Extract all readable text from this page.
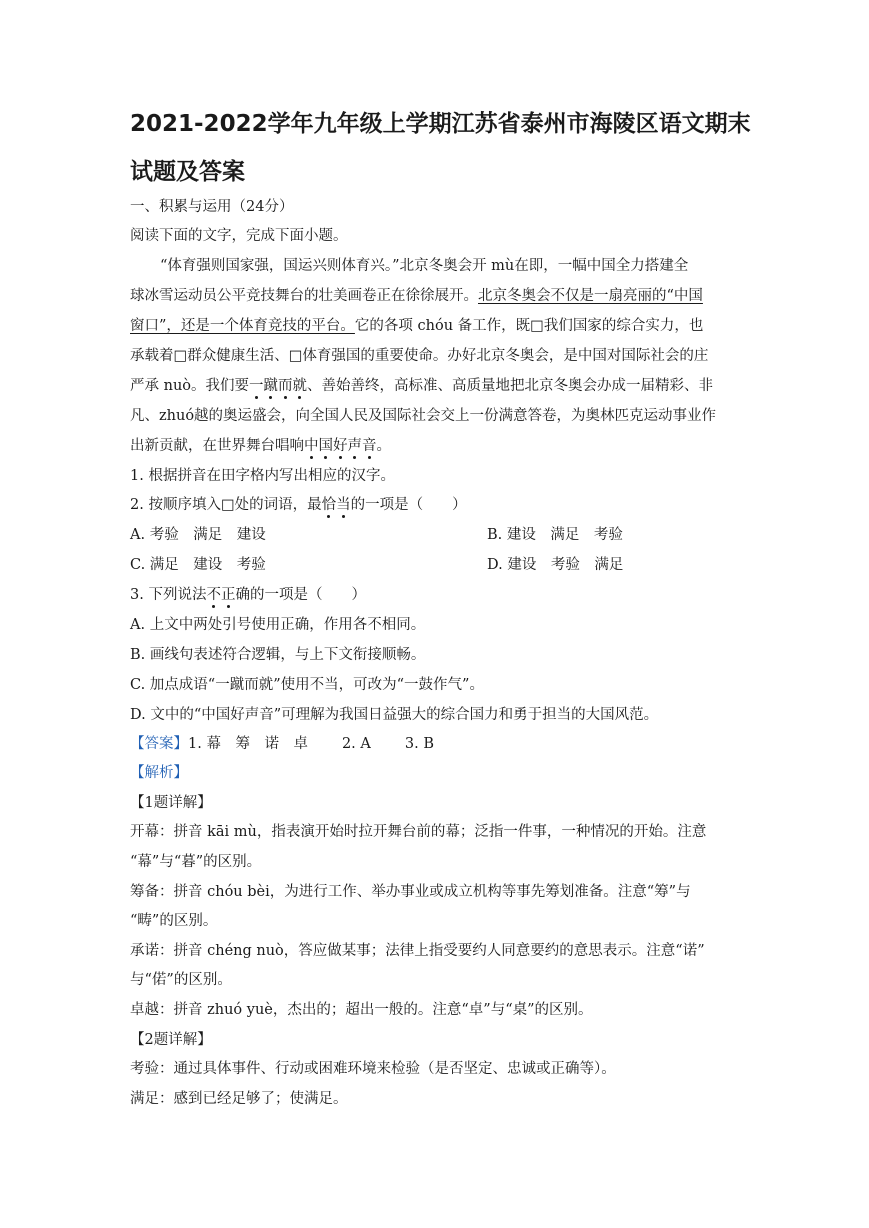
2021-2022学年九年级上学期江苏省泰州市海陵区语文期末
试题及答案
一、积累与运用（24分）
阅读下面的文字，完成下面小题。
“体育强则国家强，国运兴则体育兴。”北京冬奥会开 mù在即，一幅中国全力搭建全
球冰雪运动员公平竞技舞台的壮美画卷正在徐徐展开。北京冬奥会不仅是一扇亮丽的“中国
窗口”，还是一个体育竞技的平台。它的各项 chóu 备工作，既□我们国家的综合实力，也
承载着□群众健康生活、□体育强国的重要使命。办好北京冬奥会，是中国对国际社会的庄
严承 nuò。我们要一蹴而就、善始善终，高标准、高质量地把北京冬奥会办成一届精彩、非
凡、zhuó越的奥运盛会，向全国人民及国际社会交上一份满意答卷，为奥林匹克运动事业作
出新贡献，在世界舞台唱响中国好声音。
1. 根据拼音在田字格内写出相应的汉字。
2. 按顺序填入□处的词语，最恰当的一项是（　　）
A. 考验　满足　建设	B. 建设　满足　考验
C. 满足　建设　考验	D. 建设　考验　满足
3. 下列说法不正确的一项是（　　）
A. 上文中两处引号使用正确，作用各不相同。
B. 画线句表述符合逻辑，与上下文衔接顺畅。
C. 加点成语“一蹴而就”使用不当，可改为“一鼓作气”。
D. 文中的“中国好声音”可理解为我国日益强大的综合国力和勇于担当的大国风范。
【答案】1. 幕　筹　诺　卓 2. A 3. B
【解析】
【1题详解】
开幕：拼音 kāi mù，指表演开始时拉开舞台前的幕；泛指一件事，一种情况的开始。注意
“幕”与“暮”的区别。
筹备：拼音 chóu bèi，为进行工作、举办事业或成立机构等事先筹划准备。注意“筹”与
“畴”的区别。
承诺：拼音 chéng nuò，答应做某事；法律上指受要约人同意要约的意思表示。注意“诺”
与“偌”的区别。
卓越：拼音 zhuó yuè，杰出的；超出一般的。注意“卓”与“桌”的区别。
【2题详解】
考验：通过具体事件、行动或困难环境来检验（是否坚定、忠诚或正确等）。
满足：感到已经足够了；使满足。
